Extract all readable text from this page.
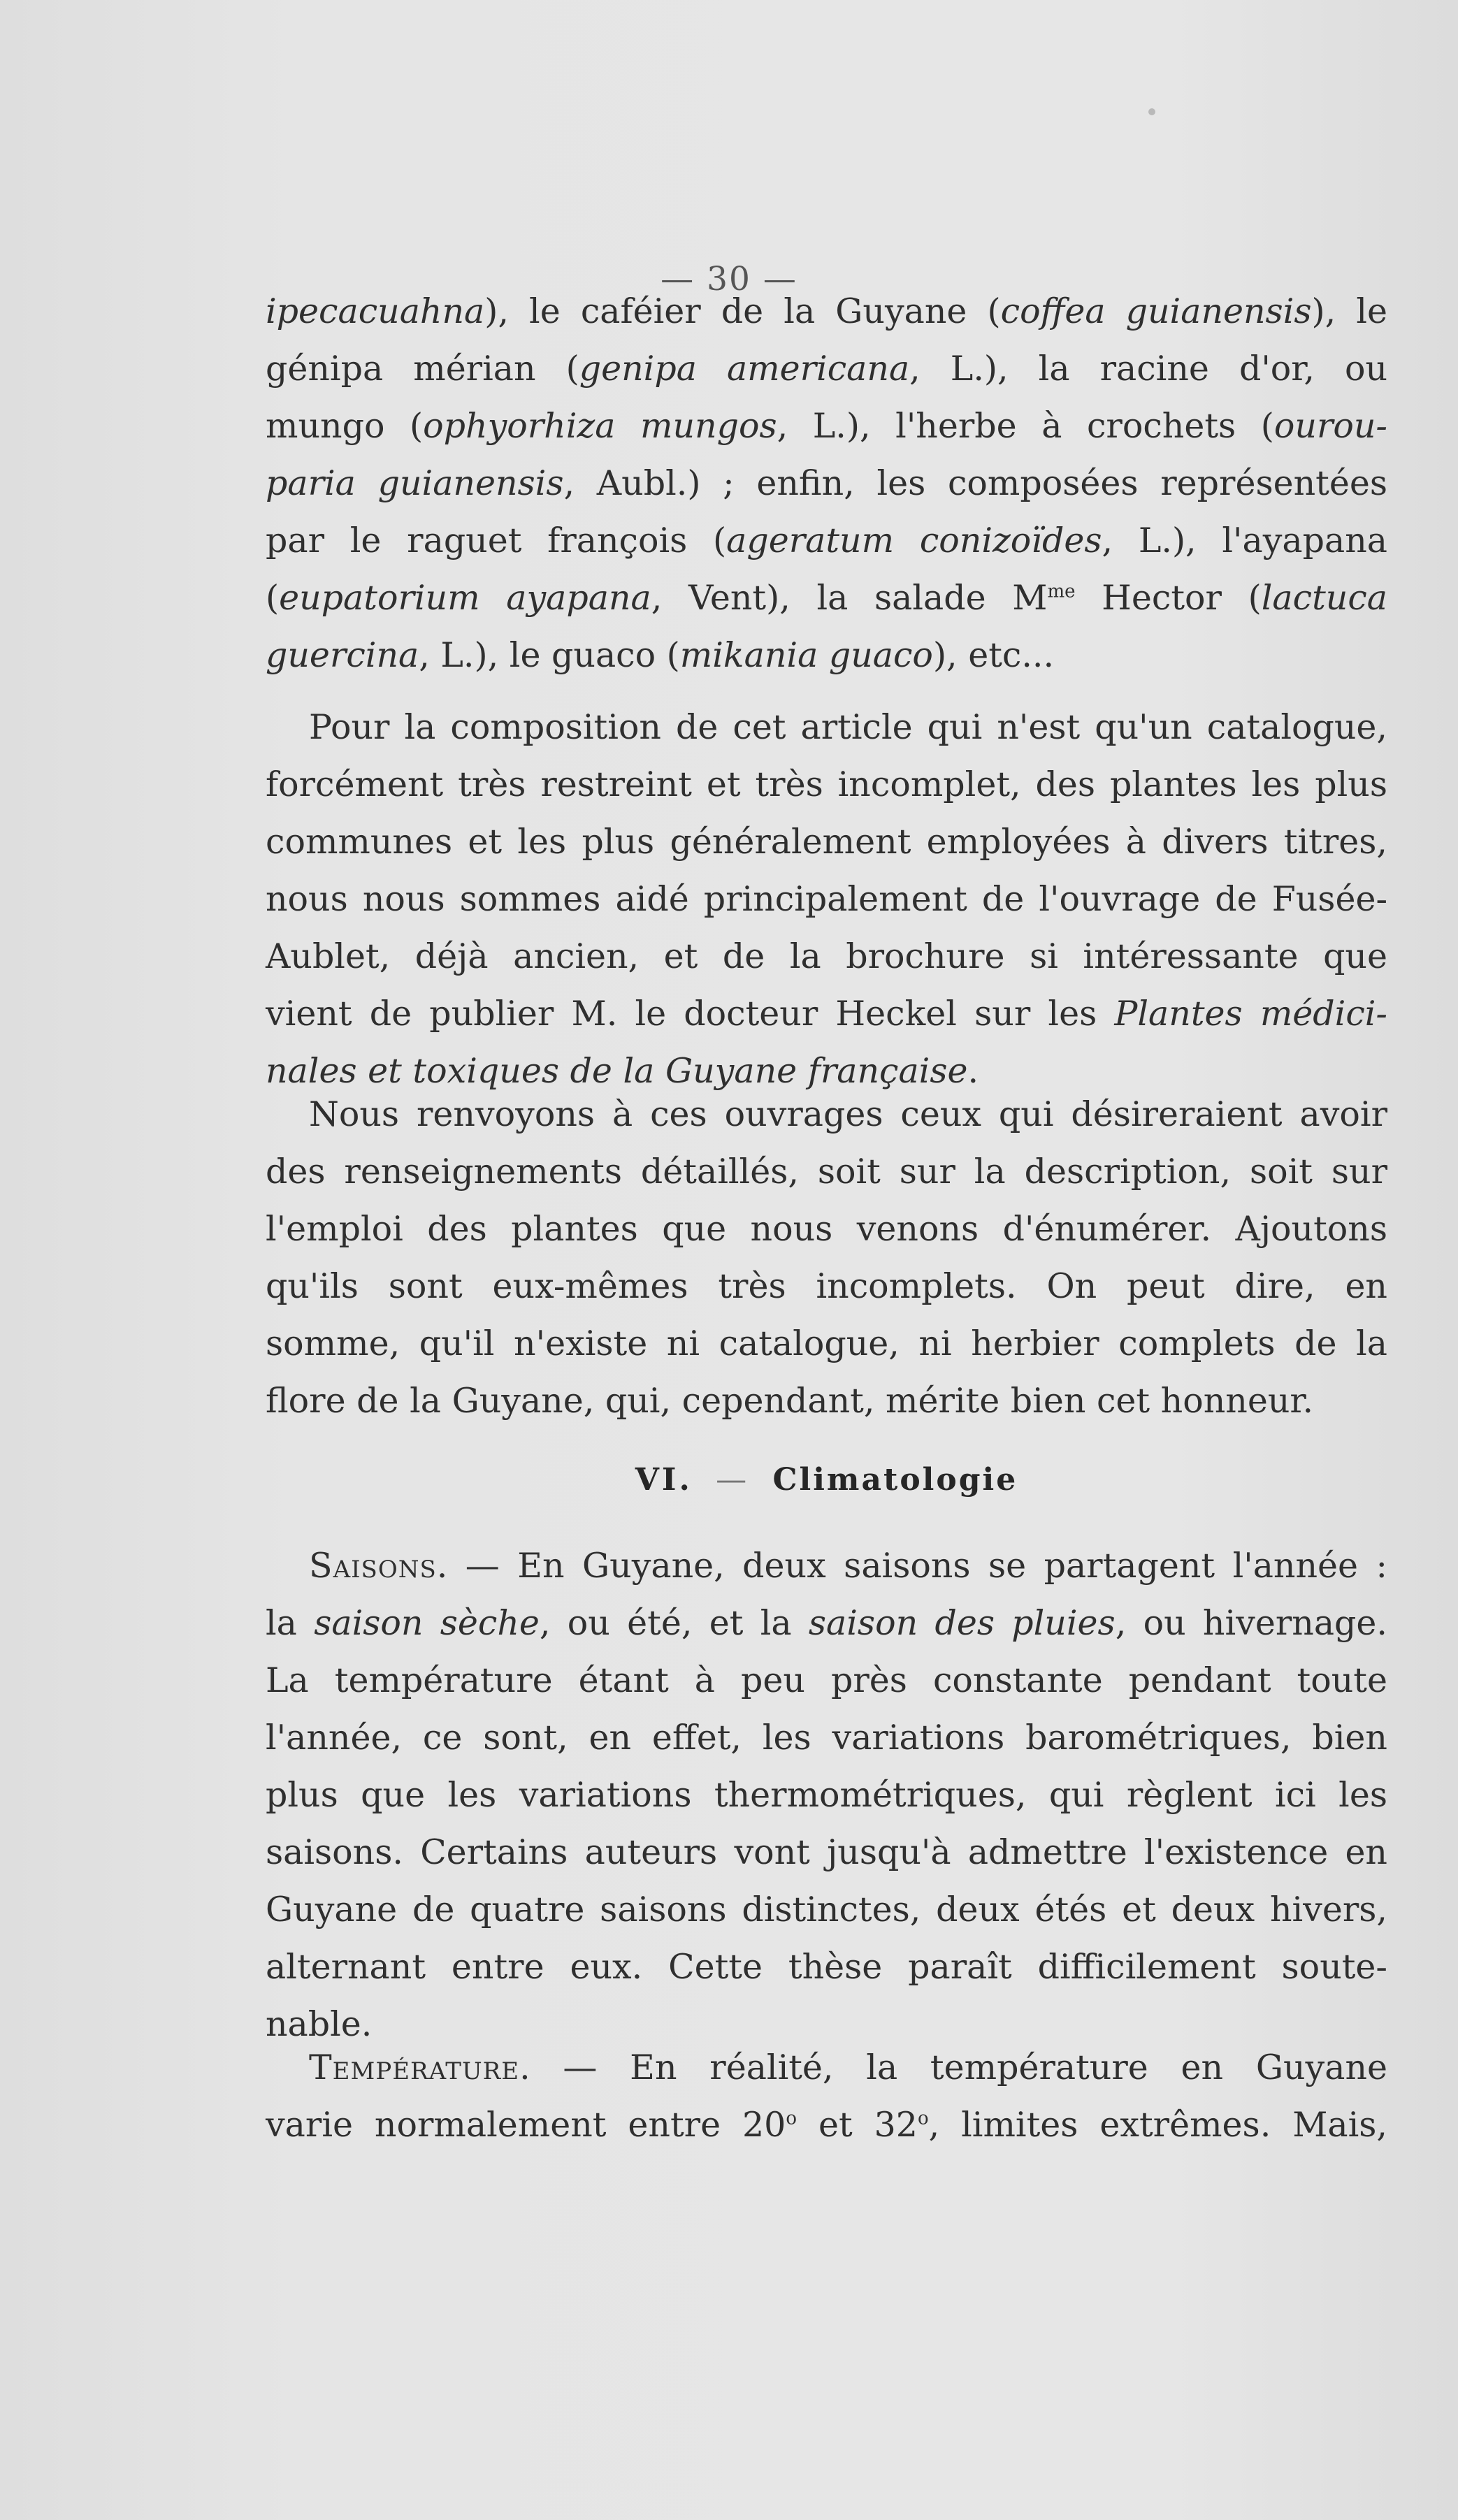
— 30 —
ipecacuahna), le caféier de la Guyane (coffea guianensis), le
génipa mérian (genipa americana, L.), la racine d'or, ou
mungo (ophyorhiza mungos, L.), l'herbe à crochets (ourou-
paria guianensis, Aubl.) ; enfin, les composées représentées
par le raguet françois (ageratum conizoïdes, L.), l'ayapana
(eupatorium ayapana, Vent), la salade $M^{me}$ Hector (lactuca
guercina, L.), le guaco (mikania guaco), etc...
Pour la composition de cet article qui n'est qu'un catalogue,
forcément très restreint et très incomplet, des plantes les plus
communes et les plus généralement employées à divers titres,
nous nous sommes aidé principalement de l'ouvrage de Fusée-
Aublet, déjà ancien, et de la brochure si intéressante que
vient de publier M. le docteur Heckel sur les Plantes médici-
nales et toxiques de la Guyane française.
Nous renvoyons à ces ouvrages ceux qui désireraient avoir
des renseignements détaillés, soit sur la description, soit sur
l'emploi des plantes que nous venons d'énumérer. Ajoutons
qu'ils sont eux-mêmes très incomplets. On peut dire, en
somme, qu'il n'existe ni catalogue, ni herbier complets de la
flore de la Guyane, qui, cependant, mérite bien cet honneur.
VI. — Climatologie
Saisons. — En Guyane, deux saisons se partagent l'année :
la saison sèche, ou été, et la saison des pluies, ou hivernage.
La température étant à peu près constante pendant toute
l'année, ce sont, en effet, les variations barométriques, bien
plus que les variations thermométriques, qui règlent ici les
saisons. Certains auteurs vont jusqu'à admettre l'existence en
Guyane de quatre saisons distinctes, deux étés et deux hivers,
alternant entre eux. Cette thèse paraît difficilement soute-
nable.
Température. — En réalité, la température en Guyane
varie normalement entre 20$^o$ et 32$^o$, limites extrêmes. Mais,
